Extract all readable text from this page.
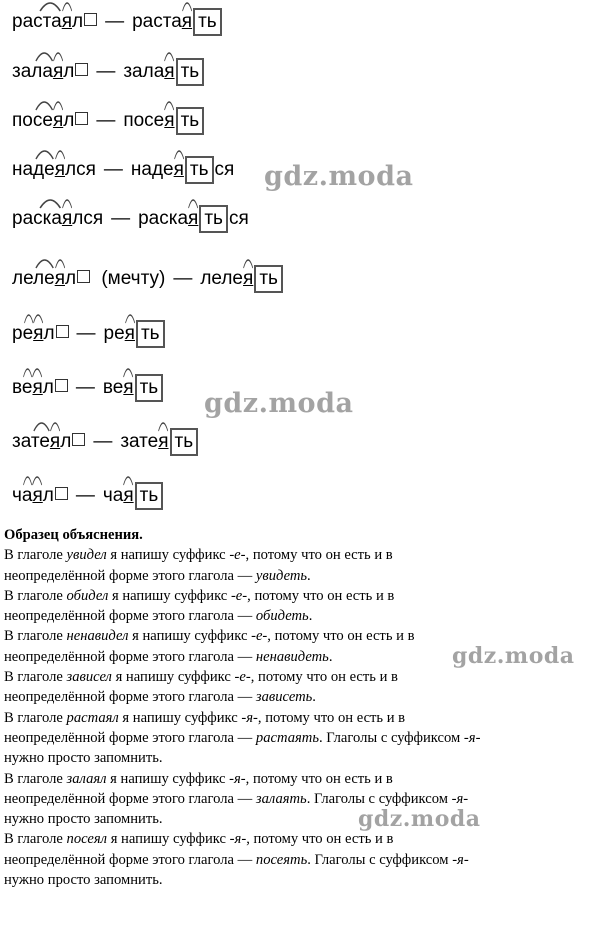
раста
я
л — растая ть
зала
я
л — залая ть
посе
я
л — посея ть
наде
я
лся — надея ть ся
раска
я
лся — раская ть ся
леле
я
л (мечту) — лелея ть
ре
я
л — рея ть
ве
я
л — вея ть
зате
я
л — затея ть
ча
я
л — чая ть
gdz.moda
gdz.moda
gdz.moda
gdz.moda
Образец объяснения.
В глаголе увидел я напишу суффикс -е-, потому что он есть и в
неопределённой форме этого глагола — увидеть.
В глаголе обидел я напишу суффикс -е-, потому что он есть и в
неопределённой форме этого глагола — обидеть.
В глаголе ненавидел я напишу суффикс -е-, потому что он есть и в
неопределённой форме этого глагола — ненавидеть.
В глаголе зависел я напишу суффикс -е-, потому что он есть и в
неопределённой форме этого глагола — зависеть.
В глаголе растаял я напишу суффикс -я-, потому что он есть и в
неопределённой форме этого глагола — растаять. Глаголы с суффиксом -я-
нужно просто запомнить.
В глаголе залаял я напишу суффикс -я-, потому что он есть и в
неопределённой форме этого глагола — залаять. Глаголы с суффиксом -я-
нужно просто запомнить.
В глаголе посеял я напишу суффикс -я-, потому что он есть и в
неопределённой форме этого глагола — посеять. Глаголы с суффиксом -я-
нужно просто запомнить.
